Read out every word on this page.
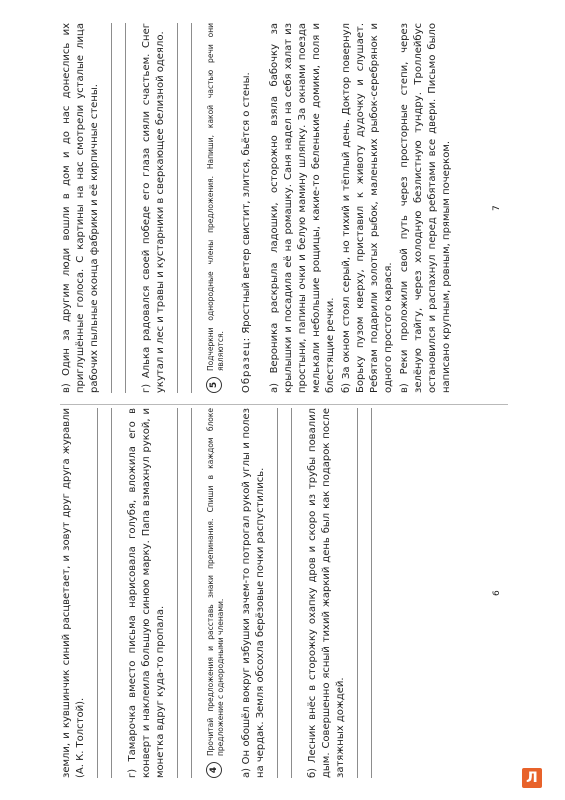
земли, и кувшинчик синий расцветает, и зовут друг друга журавли (А. К. Толстой).	г) Тамарочка вместо письма нарисовала голубя, вложила его в конверт и наклеила большую синюю марку. Папа взмахнул рукой, и монетка вдруг куда-то пропала.	4

Прочитай предложения и расставь знаки препинания. Спиши в каждом блоке предложение с однородными членами. а) Он обошёл вокруг избушки зачем-то потрогал рукой углы и полез на чердак. Земля обсохла берёзовые почки распустились.	б) Лесник внёс в сторожку охапку дров и скоро из трубы повалил дым. Совершенно ясный тихий жаркий день был как подарок после затяжных дождей.

6

в) Один за другим люди вошли в дом и до нас донеслись их приглушённые голоса. С картины на нас смотрели усталые лица рабочих пыльные оконца фабрики и её кирпичные стены.	г) Алька радовался своей победе его глаза сияли счастьем. Снег укутал и лес и травы и кустарники в сверкающее белизной одеяло.	5

Подчеркни однородные члены предложения. Напиши, какой частью речи они являются. Образец: Яростный ветер свистит, злится, бьётся о стены. а) Вероника раскрыла ладошки, осторожно взяла бабочку за крылышки и посадила её на ромашку. Саня надел на себя халат из простыни, папины очки и белую мамину шляпку. За окнами поезда мелькали небольшие рощицы, какие-то беленькие домики, поля и блестящие речки. б) За окном стоял серый, но тихий и тёплый день. Доктор повернул Борьку пузом кверху, приставил к животу дудочку и слушает. Ребятам подарили золотых рыбок, маленьких рыбок-серебрянок и одного простого карася. в) Реки проложили свой путь через просторные степи, через зелёную тайгу, через холодную безлистную тундру. Троллейбус остановился и распахнул перед ребятами все двери. Письмо было написано крупным, ровным, прямым почерком.	7
Л
